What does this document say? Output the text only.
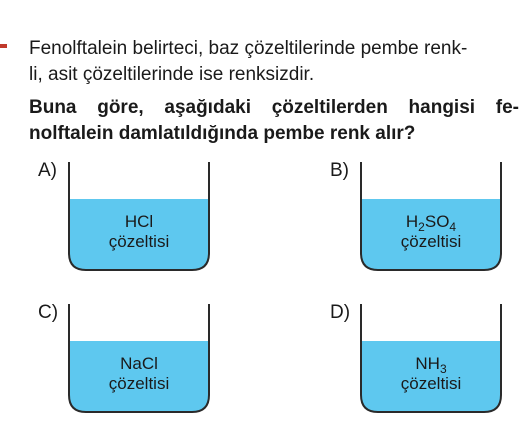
Fenolftalein belirteci, baz çözeltilerinde pembe renk-
li, asit çözeltilerinde ise renksizdir.
Buna göre, aşağıdaki çözeltilerden hangisi fe-
nolftalein damlatıldığında pembe renk alır?
A)
HCl
çözeltisi
B)
$H_2SO_4$
çözeltisi
C)
NaCl
çözeltisi
D)
$NH_3$
çözeltisi
